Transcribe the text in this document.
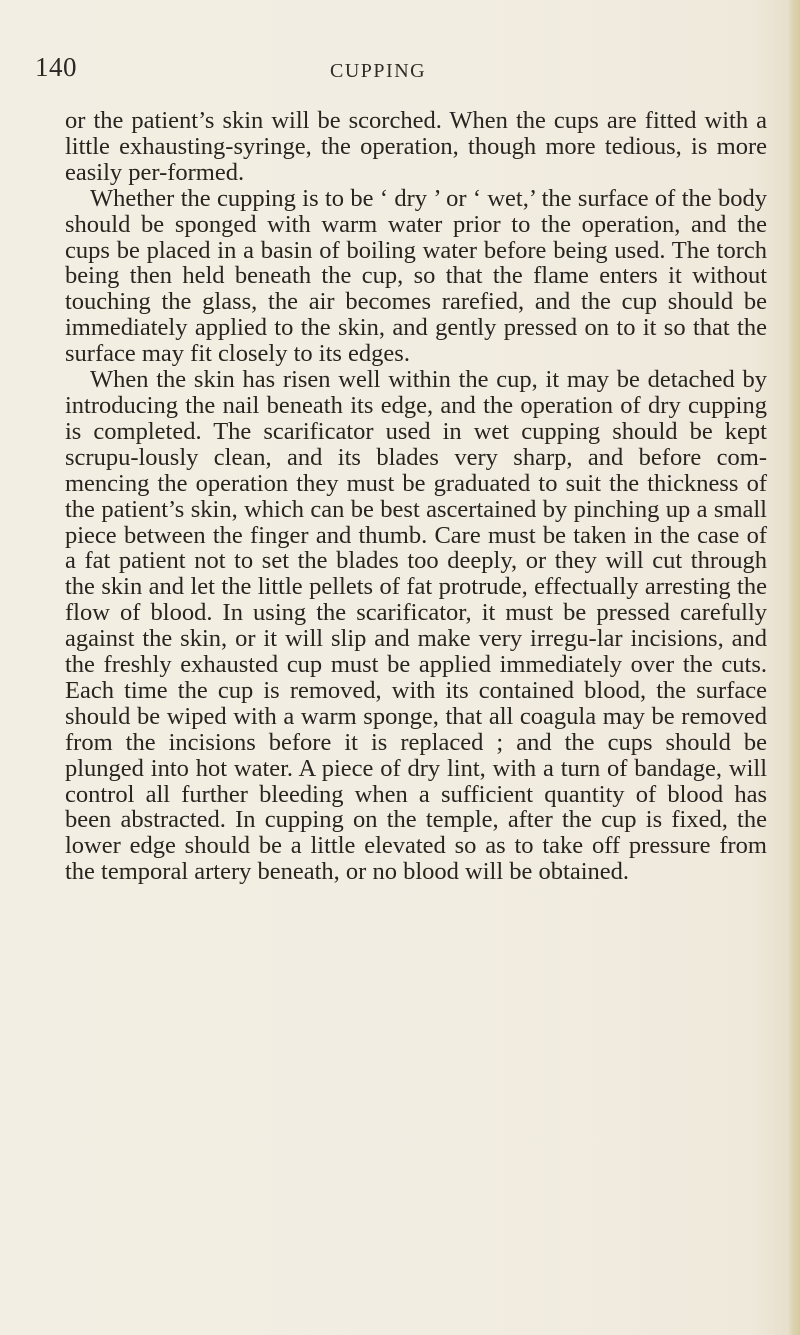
140	CUPPING

or the patient’s skin will be scorched. When the cups are fitted with a little exhausting-syringe, the operation, though more tedious, is more easily per-formed.

Whether the cupping is to be ‘ dry ’ or ‘ wet,’ the surface of the body should be sponged with warm water prior to the operation, and the cups be placed in a basin of boiling water before being used. The torch being then held beneath the cup, so that the flame enters it without touching the glass, the air becomes rarefied, and the cup should be immediately applied to the skin, and gently pressed on to it so that the surface may fit closely to its edges.

When the skin has risen well within the cup, it may be detached by introducing the nail beneath its edge, and the operation of dry cupping is completed. The scarificator used in wet cupping should be kept scrupu-lously clean, and its blades very sharp, and before com-mencing the operation they must be graduated to suit the thickness of the patient’s skin, which can be best ascertained by pinching up a small piece between the finger and thumb. Care must be taken in the case of a fat patient not to set the blades too deeply, or they will cut through the skin and let the little pellets of fat protrude, effectually arresting the flow of blood. In using the scarificator, it must be pressed carefully against the skin, or it will slip and make very irregu-lar incisions, and the freshly exhausted cup must be applied immediately over the cuts. Each time the cup is removed, with its contained blood, the surface should be wiped with a warm sponge, that all coagula may be removed from the incisions before it is replaced ; and the cups should be plunged into hot water. A piece of dry lint, with a turn of bandage, will control all further bleeding when a sufficient quantity of blood has been abstracted. In cupping on the temple, after the cup is fixed, the lower edge should be a little elevated so as to take off pressure from the temporal artery beneath, or no blood will be obtained.
